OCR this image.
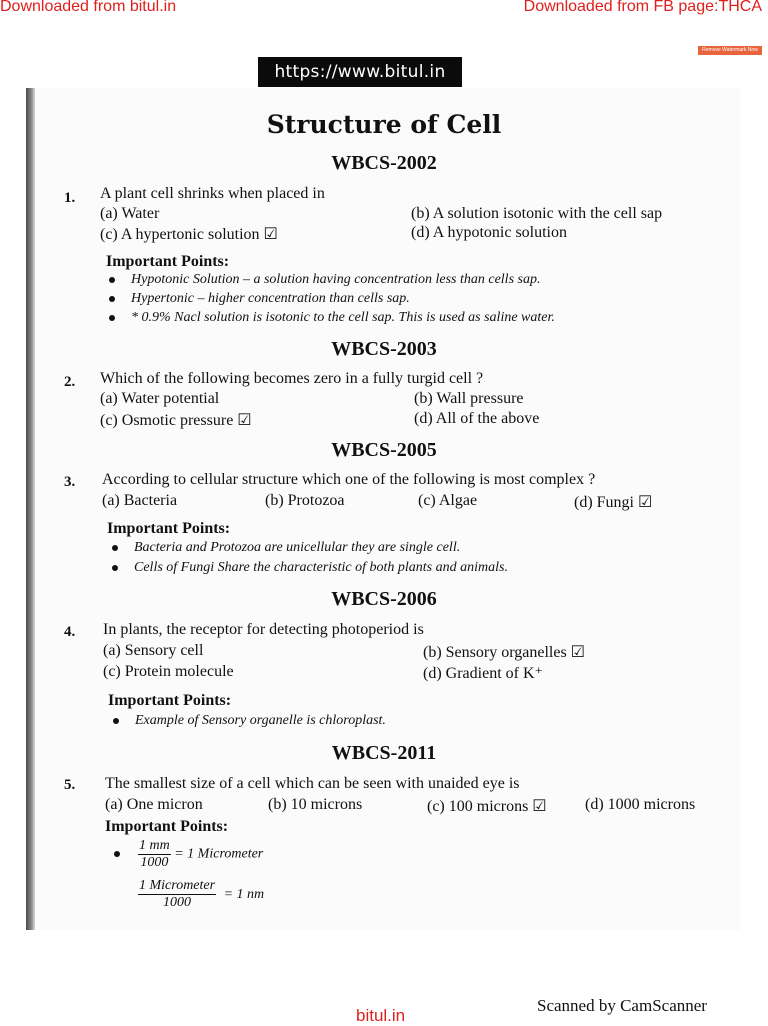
Downloaded from bitul.in	Downloaded from FB page:THCA
Remove Watermark Now
https://www.bitul.in
Structure of Cell
WBCS-2002
1. A plant cell shrinks when placed in
(a) Water	(b) A solution isotonic with the cell sap
(c) A hypertonic solution ☑	(d) A hypotonic solution
Important Points:
Hypotonic Solution – a solution having concentration less than cells sap.
Hypertonic – higher concentration than cells sap.
* 0.9% Nacl solution is isotonic to the cell sap. This is used as saline water.
WBCS-2003
2. Which of the following becomes zero in a fully turgid cell ?
(a) Water potential	(b) Wall pressure
(c) Osmotic pressure ☑	(d) All of the above
WBCS-2005
3. According to cellular structure which one of the following is most complex ?
(a) Bacteria	(b) Protozoa	(c) Algae	(d) Fungi ☑
Important Points:
Bacteria and Protozoa are unicellular they are single cell.
Cells of Fungi Share the characteristic of both plants and animals.
WBCS-2006
4. In plants, the receptor for detecting photoperiod is
(a) Sensory cell	(b) Sensory organelles ☑
(c) Protein molecule	(d) Gradient of K⁺
Important Points:
Example of Sensory organelle is chloroplast.
WBCS-2011
5. The smallest size of a cell which can be seen with unaided eye is
(a) One micron	(b) 10 microns	(c) 100 microns ☑ (d) 1000 microns
Important Points:
$\frac{1 mm}{1000} = 1$ Micrometer
$\frac{\text{1 Micrometer}}{1000} = 1$ nm
bitul.in
Scanned by CamScanner
